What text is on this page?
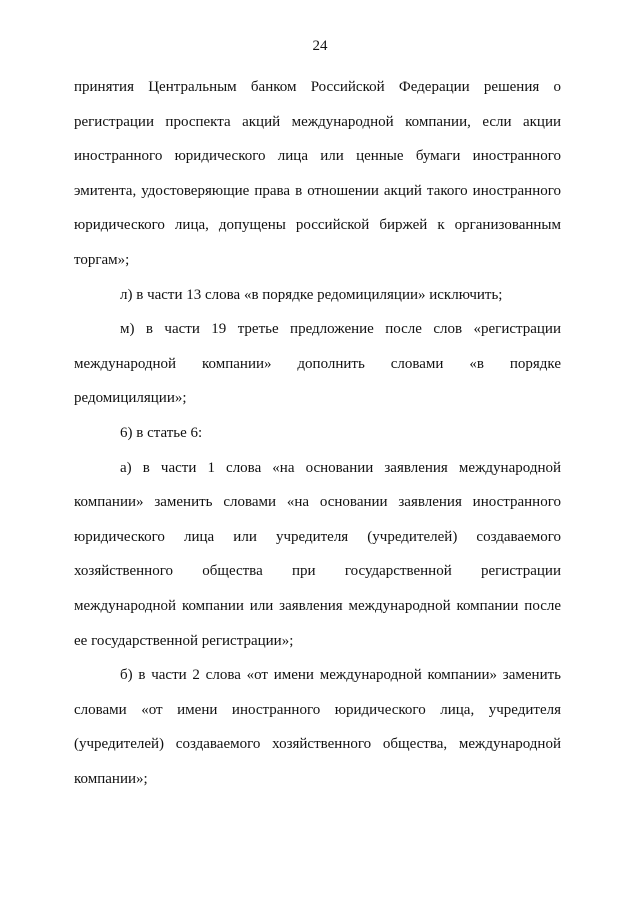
24

принятия Центральным банком Российской Федерации решения о регистрации проспекта акций международной компании, если акции иностранного юридического лица или ценные бумаги иностранного эмитента, удостоверяющие права в отношении акций такого иностранного юридического лица, допущены российской биржей к организованным торгам»;

л) в части 13 слова «в порядке редомициляции» исключить;

м) в части 19 третье предложение после слов «регистрации международной компании» дополнить словами «в порядке редомициляции»;

6) в статье 6:

а) в части 1 слова «на основании заявления международной компании» заменить словами «на основании заявления иностранного юридического лица или учредителя (учредителей) создаваемого хозяйственного общества при государственной регистрации международной компании или заявления международной компании после ее государственной регистрации»;

б) в части 2 слова «от имени международной компании» заменить словами «от имени иностранного юридического лица, учредителя (учредителей) создаваемого хозяйственного общества, международной компании»;
